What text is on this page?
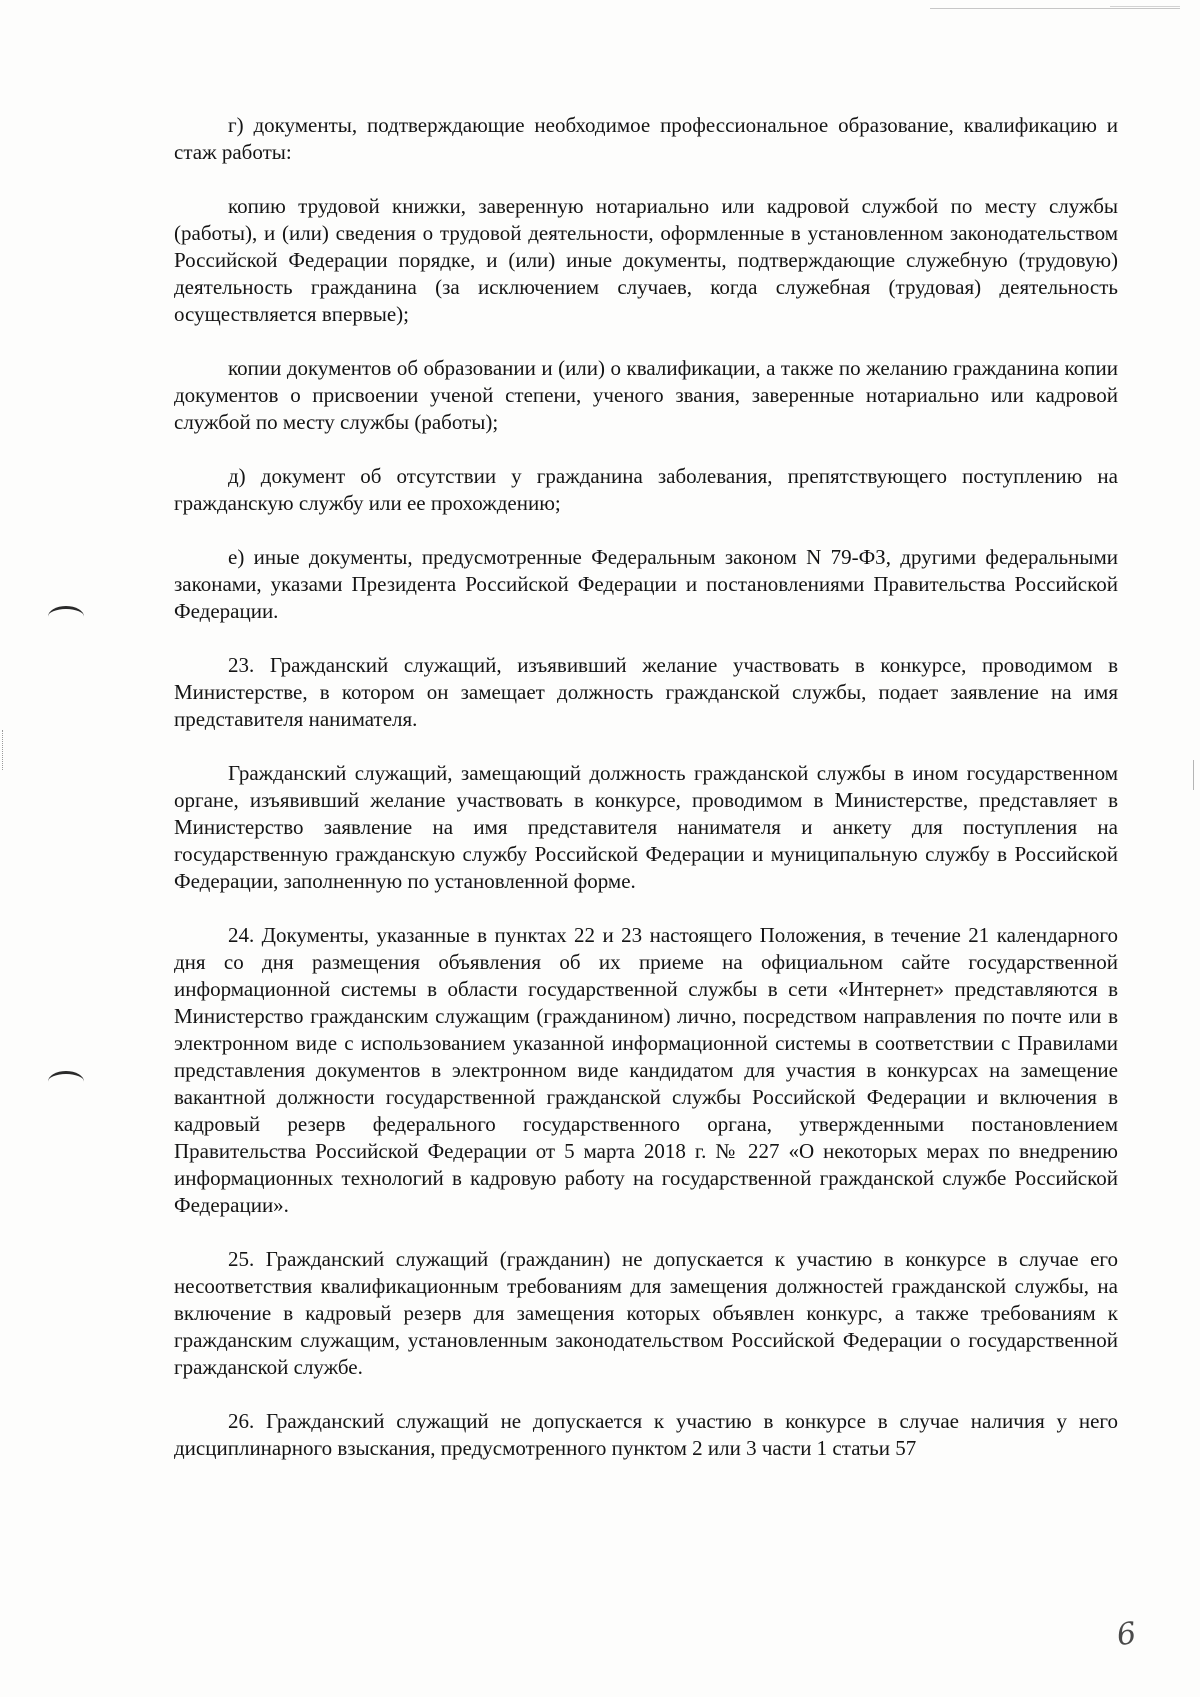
г) документы, подтверждающие необходимое профессиональное образование, квалификацию и стаж работы:

копию трудовой книжки, заверенную нотариально или кадровой службой по месту службы (работы), и (или) сведения о трудовой деятельности, оформленные в установленном законодательством Российской Федерации порядке, и (или) иные документы, подтверждающие служебную (трудовую) деятельность гражданина (за исключением случаев, когда служебная (трудовая) деятельность осуществляется впервые);

копии документов об образовании и (или) о квалификации, а также по желанию гражданина копии документов о присвоении ученой степени, ученого звания, заверенные нотариально или кадровой службой по месту службы (работы);

д) документ об отсутствии у гражданина заболевания, препятствующего поступлению на гражданскую службу или ее прохождению;

е) иные документы, предусмотренные Федеральным законом N 79-ФЗ, другими федеральными законами, указами Президента Российской Федерации и постановлениями Правительства Российской Федерации.

23. Гражданский служащий, изъявивший желание участвовать в конкурсе, проводимом в Министерстве, в котором он замещает должность гражданской службы, подает заявление на имя представителя нанимателя.

Гражданский служащий, замещающий должность гражданской службы в ином государственном органе, изъявивший желание участвовать в конкурсе, проводимом в Министерстве, представляет в Министерство заявление на имя представителя нанимателя и анкету для поступления на государственную гражданскую службу Российской Федерации и муниципальную службу в Российской Федерации, заполненную по установленной форме.

24. Документы, указанные в пунктах 22 и 23 настоящего Положения, в течение 21 календарного дня со дня размещения объявления об их приеме на официальном сайте государственной информационной системы в области государственной службы в сети «Интернет» представляются в Министерство гражданским служащим (гражданином) лично, посредством направления по почте или в электронном виде с использованием указанной информационной системы в соответствии с Правилами представления документов в электронном виде кандидатом для участия в конкурсах на замещение вакантной должности государственной гражданской службы Российской Федерации и включения в кадровый резерв федерального государственного органа, утвержденными постановлением Правительства Российской Федерации от 5 марта 2018 г. № 227 «О некоторых мерах по внедрению информационных технологий в кадровую работу на государственной гражданской службе Российской Федерации».

25. Гражданский служащий (гражданин) не допускается к участию в конкурсе в случае его несоответствия квалификационным требованиям для замещения должностей гражданской службы, на включение в кадровый резерв для замещения которых объявлен конкурс, а также требованиям к гражданским служащим, установленным законодательством Российской Федерации о государственной гражданской службе.

26. Гражданский служащий не допускается к участию в конкурсе в случае наличия у него дисциплинарного взыскания, предусмотренного пунктом 2 или 3 части 1 статьи 57

6
